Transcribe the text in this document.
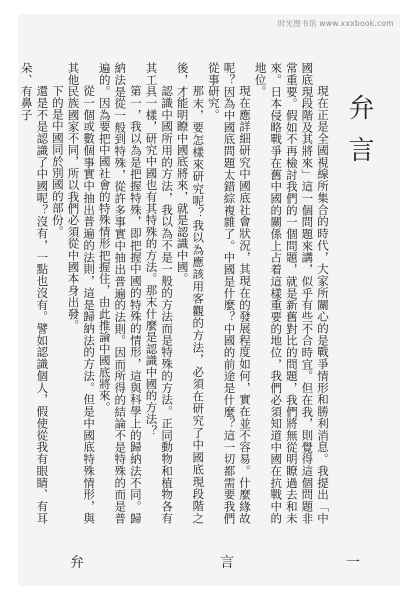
时光图书馆 www.xxxbook.com
弁言

現在正是全國視線所集合的時代，大家所關心的是戰爭情形和勝利消息。我提出「中國底現段階及其將來」這一個問題來講，似乎有些不合時宜。但在我，則覺得這個問題非常重要。假如不再檢討我們的一個問題，就是新舊對比的問題，我們將無從明瞭過去和未來。日本侵略戰爭在舊中國的關係上占着這樣重要的地位，我們必須知道中國在抗戰中的地位。

現在應詳細研究中國底社會狀況，其現在的發展程度如何，實在並不容易。什麼緣故呢？因為中國底問題太錯綜複雜了。中國是什麼？中國的前途是什麼？這一切都需要我們從事研究。

那末，要怎樣來研究呢？我以為應該用客觀的方法，必須在研究了中國底現段階之後，才能明瞭中國底將來，就是認識中國。

認識中國所用的方法，我以為不是一般的方法而是特殊的方法。正同動物和植物各有其工具一樣，研究中國也有其特殊的方法。那末什麼是認識中國的方法？

第一，我以為是把握特殊，即把握中國的特殊的情形，這與科學上的歸納法不同。歸納法是從一般到特殊，從許多事實中抽出普遍的法則。因而所得的結論不是特殊的而是普遍的。因為要把中國社會的特殊情形把握住，由此推論中國底將來。

從一個或數個事實中抽出普遍的法則，這是歸納法的方法。但是中國底特殊情形，與其他民族國家不同，所以我們必須從中國本身出發。

下的是中國同於別國的部份。

還是不是認識了中國呢？沒有，一點也沒有。譬如認識個人，假使從我有眼睛、有耳朵、有鼻子

弁	言	一
